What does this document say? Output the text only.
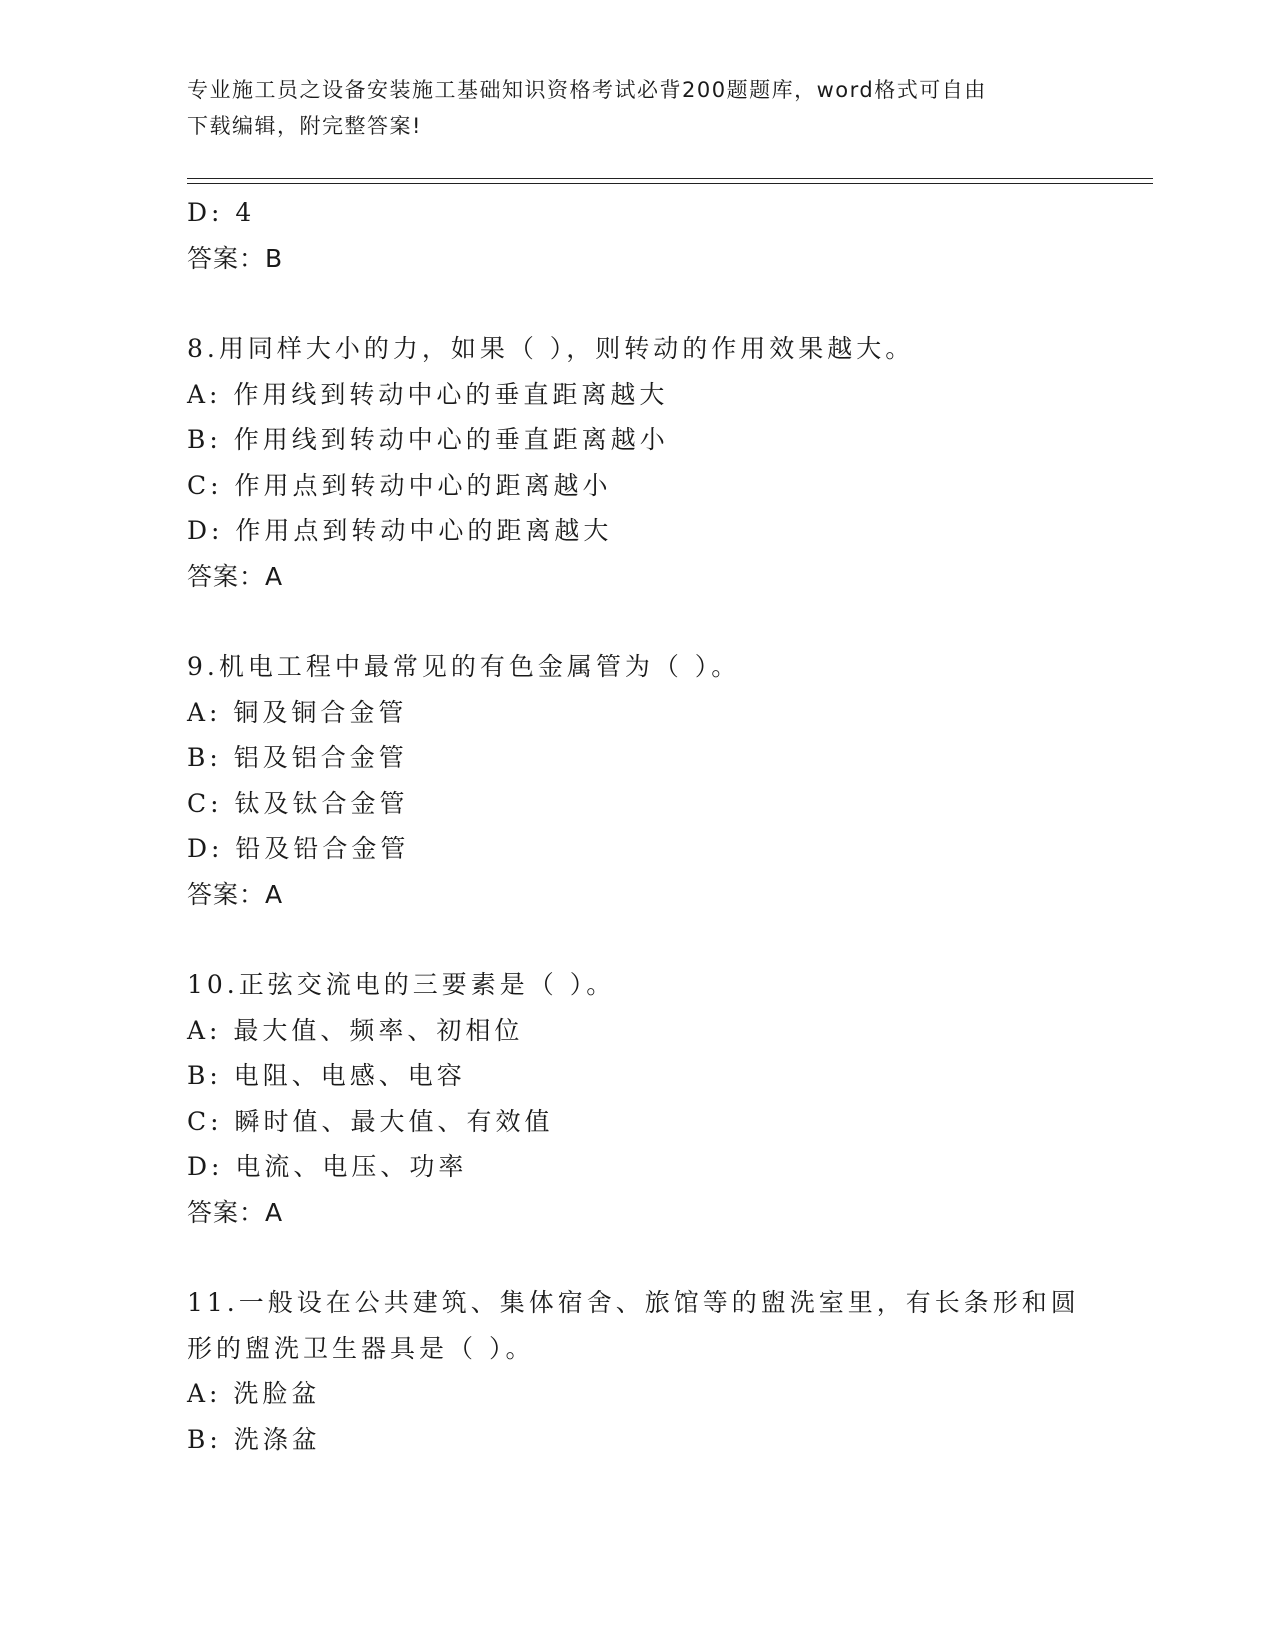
专业施工员之设备安装施工基础知识资格考试必背200题题库，word格式可自由
下载编辑，附完整答案!
D: 4
答案：B
8.用同样大小的力，如果（ ），则转动的作用效果越大。
A: 作用线到转动中心的垂直距离越大
B: 作用线到转动中心的垂直距离越小
C: 作用点到转动中心的距离越小
D: 作用点到转动中心的距离越大
答案：A
9.机电工程中最常见的有色金属管为（ ）。
A: 铜及铜合金管
B: 铝及铝合金管
C: 钛及钛合金管
D: 铅及铅合金管
答案：A
10.正弦交流电的三要素是（ ）。
A: 最大值、频率、初相位
B: 电阻、电感、电容
C: 瞬时值、最大值、有效值
D: 电流、电压、功率
答案：A
11.一般设在公共建筑、集体宿舍、旅馆等的盥洗室里，有长条形和圆
形的盥洗卫生器具是（ ）。
A: 洗脸盆
B: 洗涤盆
